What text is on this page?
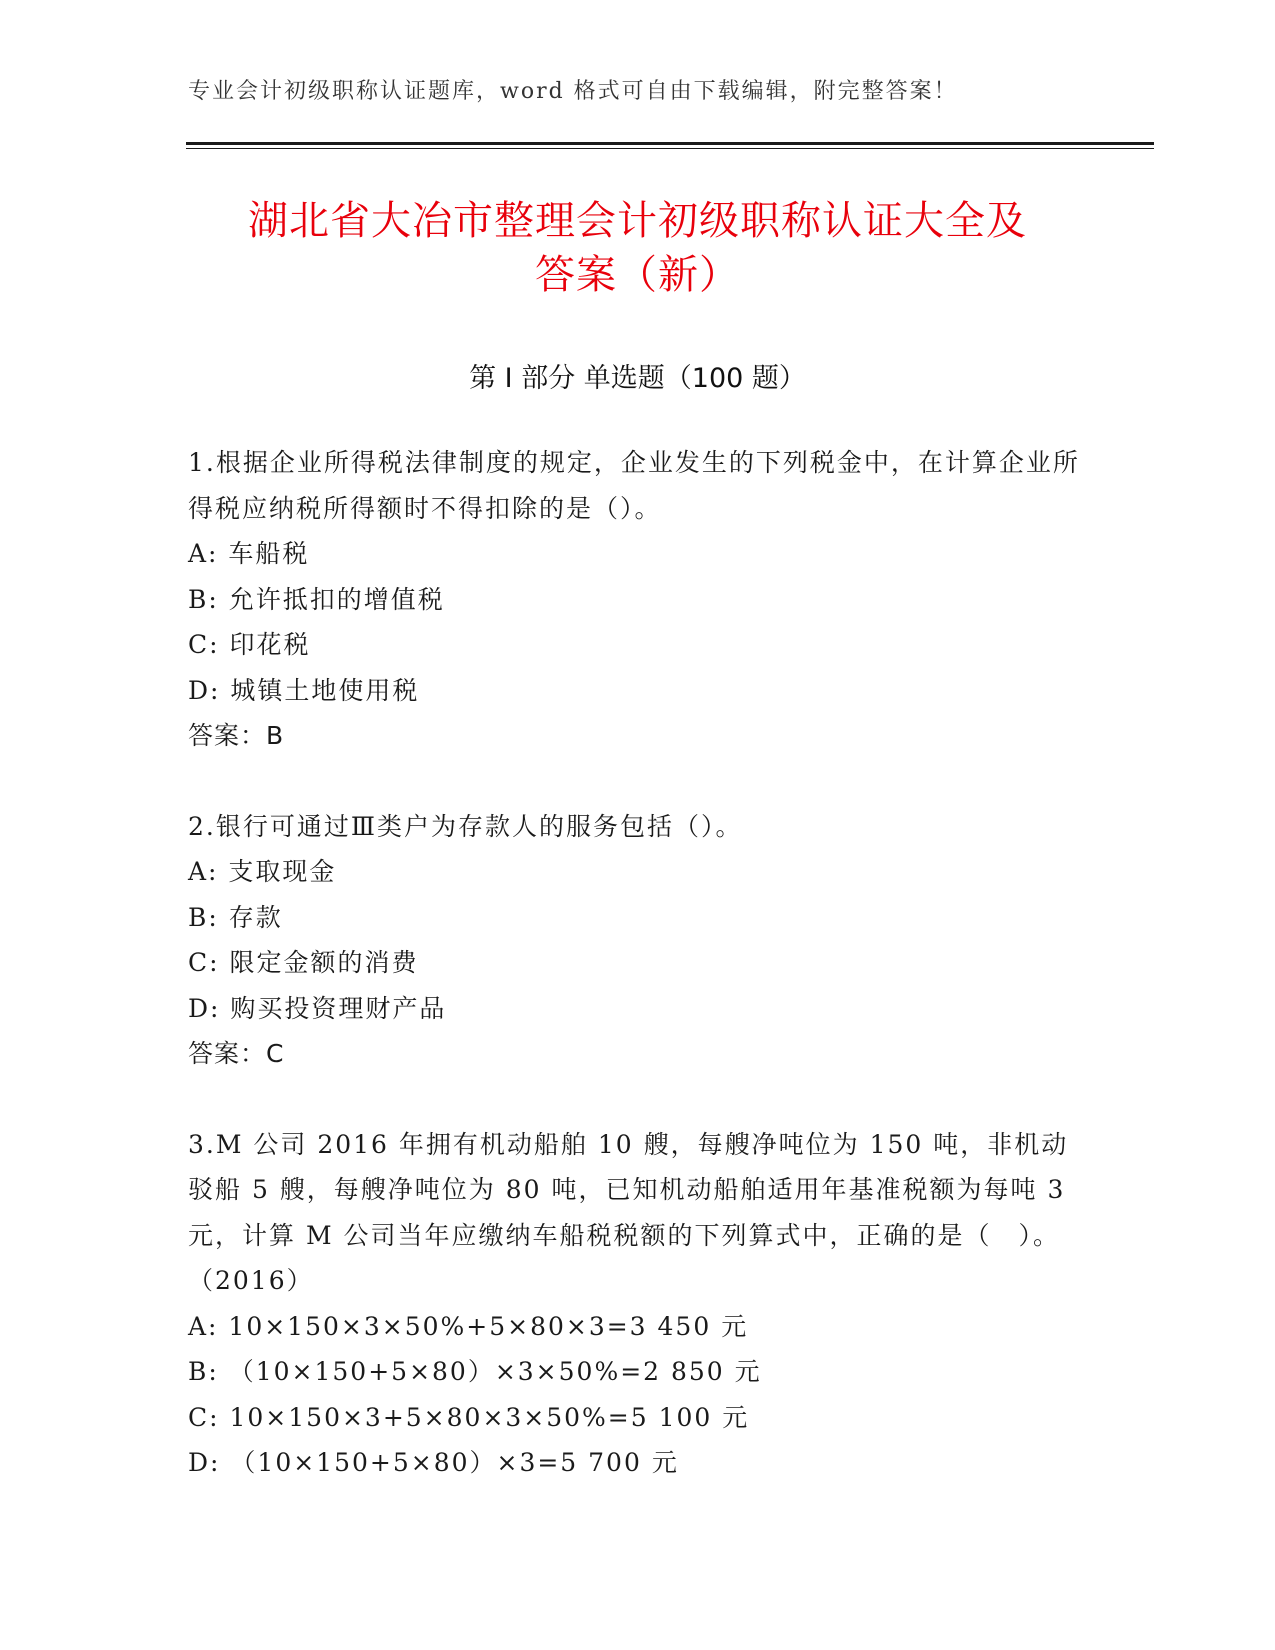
专业会计初级职称认证题库，word 格式可自由下载编辑，附完整答案！
湖北省大冶市整理会计初级职称认证大全及
答案（新）
第 I 部分 单选题（100 题）

1.根据企业所得税法律制度的规定，企业发生的下列税金中，在计算企业所得税应纳税所得额时不得扣除的是（）。

A: 车船税

B: 允许抵扣的增值税

C: 印花税

D: 城镇土地使用税

答案：B

2.银行可通过Ⅲ类户为存款人的服务包括（）。

A: 支取现金

B: 存款

C: 限定金额的消费

D: 购买投资理财产品

答案：C

3.M 公司 2016 年拥有机动船舶 10 艘，每艘净吨位为 150 吨，非机动驳船 5 艘，每艘净吨位为 80 吨，已知机动船舶适用年基准税额为每吨 3 元，计算 M 公司当年应缴纳车船税税额的下列算式中，正确的是（　）。（2016）

A: 10×150×3×50%+5×80×3=3 450 元

B: （10×150+5×80）×3×50%=2 850 元

C: 10×150×3+5×80×3×50%=5 100 元

D: （10×150+5×80）×3=5 700 元
